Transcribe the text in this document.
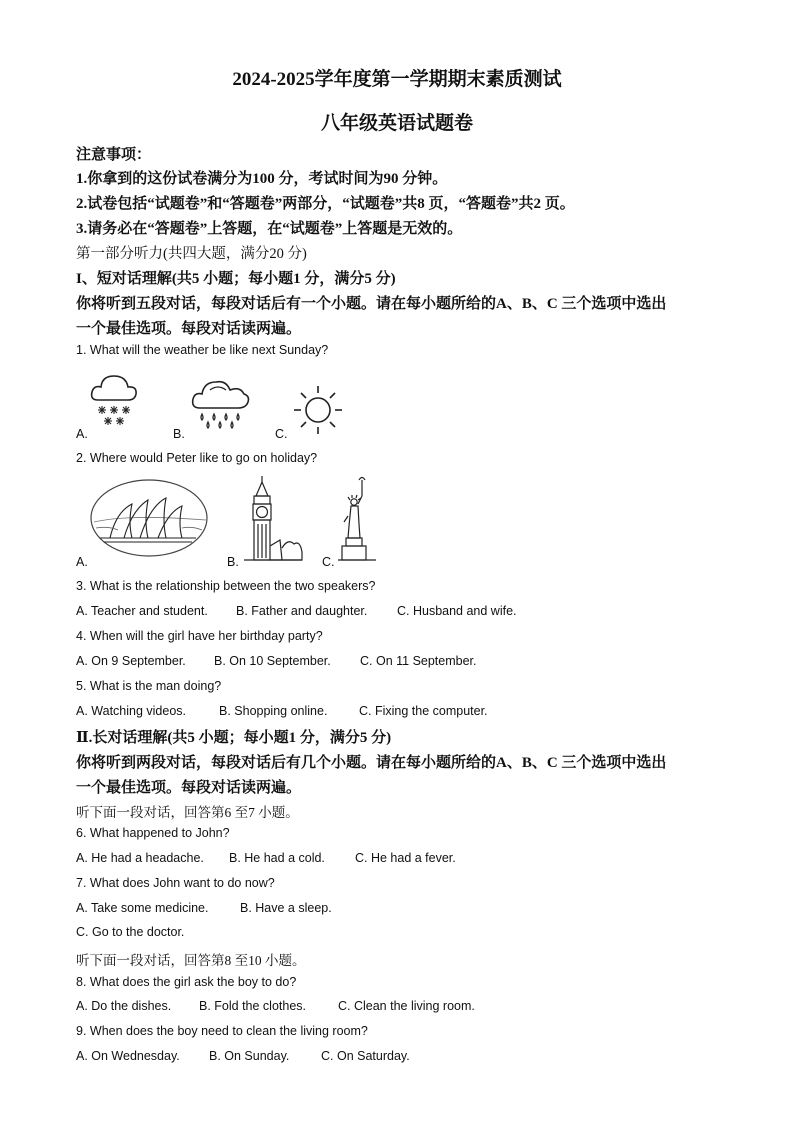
2024-2025学年度第一学期期末素质测试
八年级英语试题卷
注意事项：
1.你拿到的这份试卷满分为100 分，考试时间为90 分钟。
2.试卷包括“试题卷”和“答题卷”两部分，“试题卷”共8 页，“答题卷”共2 页。
3.请务必在“答题卷”上答题，在“试题卷”上答题是无效的。
第一部分听力(共四大题，满分20 分)
I、短对话理解(共5 小题；每小题1 分，满分5 分)
你将听到五段对话，每段对话后有一个小题。请在每小题所给的A、B、C 三个选项中选出
一个最佳选项。每段对话读两遍。
1. What will the weather be like next Sunday?
A.	B.	C.
2. Where would Peter like to go on holiday?
A.	B.	C.
3. What is the relationship between the two speakers?
A. Teacher and student. B. Father and daughter. C. Husband and wife.
4. When will the girl have her birthday party?
A. On 9 September. B. On 10 September. C. On 11 September.
5. What is the man doing?
A. Watching videos.	B. Shopping online.	C. Fixing the computer.
Ⅱ.长对话理解(共5 小题；每小题1 分，满分5 分)
你将听到两段对话，每段对话后有几个小题。请在每小题所给的A、B、C 三个选项中选出
一个最佳选项。每段对话读两遍。
听下面一段对话，回答第6 至7 小题。
6. What happened to John?
A. He had a headache. B. He had a cold. C. He had a fever.
7. What does John want to do now?
A. Take some medicine.	B. Have a sleep.
C. Go to the doctor.
听下面一段对话，回答第8 至10 小题。
8. What does the girl ask the boy to do?
A. Do the dishes. B. Fold the clothes.	C. Clean the living room.
9. When does the boy need to clean the living room?
A. On Wednesday. B. On Sunday.	C. On Saturday.
